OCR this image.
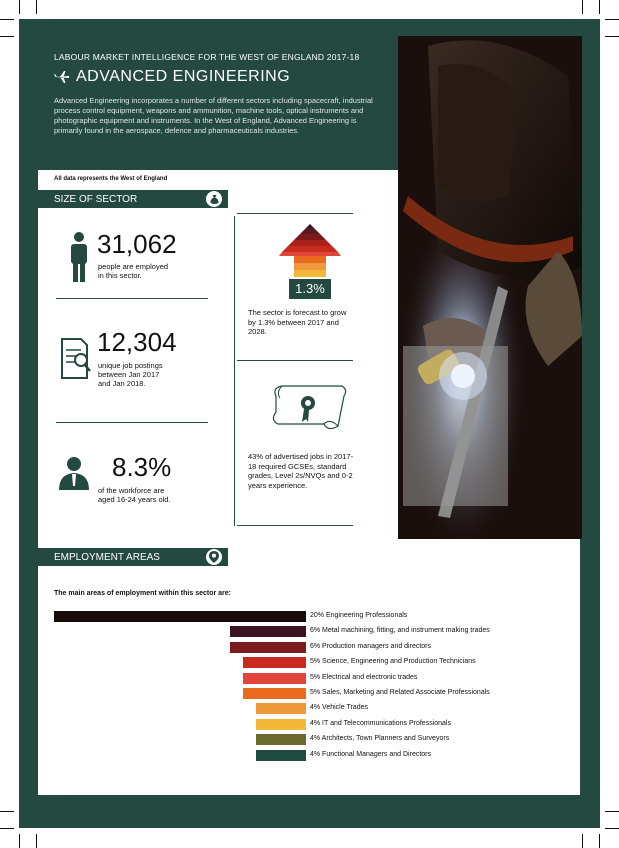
LABOUR MARKET INTELLIGENCE FOR THE WEST OF ENGLAND 2017-18

ADVANCED ENGINEERING

Advanced Engineering incorporates a number of different sectors including spacecraft, industrial process control equipment, weapons and ammunition, machine tools, optical instruments and photographic equipment and instruments. In the West of England, Advanced Engineering is primarily found in the aerospace, defence and pharmaceuticals industries.

All data represents the West of England
SIZE OF SECTOR
31,062
people are employed
in this sector.
12,304
unique job postings
between Jan 2017
and Jan 2018.
8.3%
of the workforce are
aged 16-24 years old.
1.3%
The sector is forecast to grow
by 1.3% between 2017 and
2028.
43% of advertised jobs in 2017-
18 required GCSEs, standard
grades, Level 2s/NVQs and 0-2
years experience.
EMPLOYMENT AREAS
The main areas of employment within this sector are:
20% Engineering Professionals
6% Metal machining, fitting, and instrument making trades
6% Production managers and directors
5% Science, Engineering and Production Technicians
5% Electrical and electronic trades
5% Sales, Marketing and Related Associate Professionals
4% Vehicle Trades
4% IT and Telecommunications Professionals
4% Architects, Town Planners and Surveyors
4% Functional Managers and Directors
